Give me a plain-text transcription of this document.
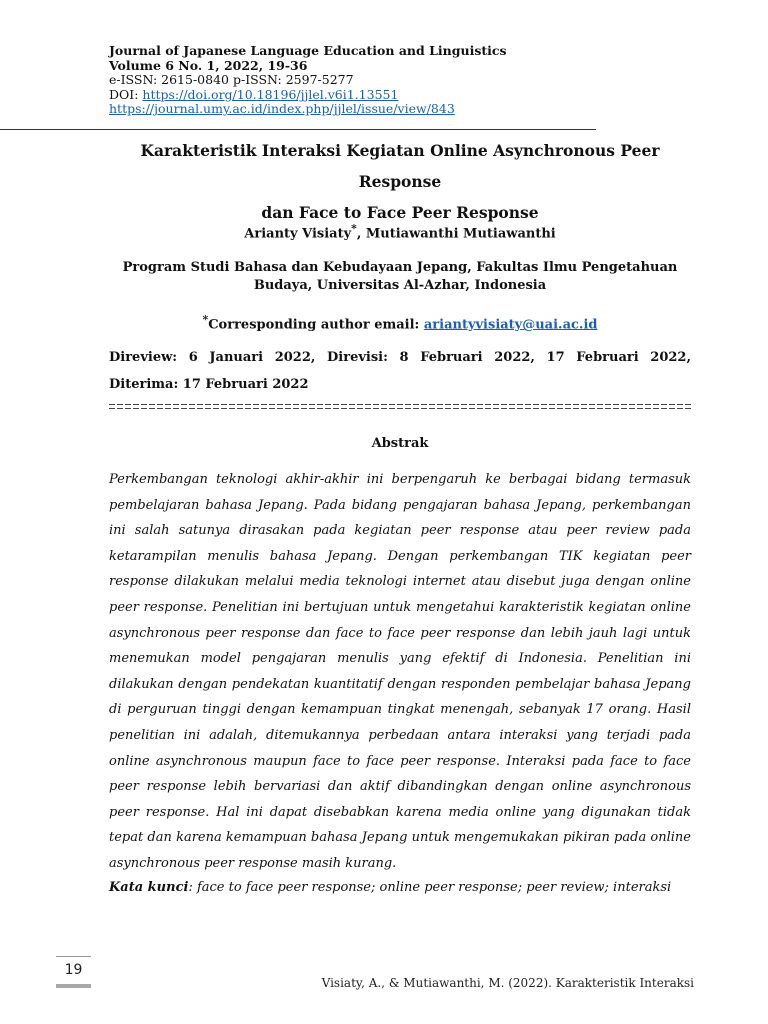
Journal of Japanese Language Education and Linguistics
Volume 6 No. 1, 2022, 19-36
e-ISSN: 2615-0840 p-ISSN: 2597-5277
DOI: https://doi.org/10.18196/jjlel.v6i1.13551
https://journal.umy.ac.id/index.php/jjlel/issue/view/843
Karakteristik Interaksi Kegiatan Online Asynchronous Peer Response
dan Face to Face Peer Response
Arianty Visiaty*, Mutiawanthi Mutiawanthi
Program Studi Bahasa dan Kebudayaan Jepang, Fakultas Ilmu Pengetahuan
Budaya, Universitas Al-Azhar, Indonesia
*Corresponding author email: ariantyvisiaty@uai.ac.id
Direview: 6 Januari 2022, Direvisi: 8 Februari 2022, 17 Februari 2022, Diterima: 17 Februari 2022
Abstrak
Perkembangan teknologi akhir-akhir ini berpengaruh ke berbagai bidang termasuk pembelajaran bahasa Jepang. Pada bidang pengajaran bahasa Jepang, perkembangan ini salah satunya dirasakan pada kegiatan peer response atau peer review pada ketarampilan menulis bahasa Jepang. Dengan perkembangan TIK kegiatan peer response dilakukan melalui media teknologi internet atau disebut juga dengan online peer response. Penelitian ini bertujuan untuk mengetahui karakteristik kegiatan online asynchronous peer response dan face to face peer response dan lebih jauh lagi untuk menemukan model pengajaran menulis yang efektif di Indonesia. Penelitian ini dilakukan dengan pendekatan kuantitatif dengan responden pembelajar bahasa Jepang di perguruan tinggi dengan kemampuan tingkat menengah, sebanyak 17 orang. Hasil penelitian ini adalah, ditemukannya perbedaan antara interaksi yang terjadi pada online asynchronous maupun face to face peer response. Interaksi pada face to face peer response lebih bervariasi dan aktif dibandingkan dengan online asynchronous peer response. Hal ini dapat disebabkan karena media online yang digunakan tidak tepat dan karena kemampuan bahasa Jepang untuk mengemukakan pikiran pada online asynchronous peer response masih kurang.
Kata kunci: face to face peer response; online peer response; peer review; interaksi
19
Visiaty, A., & Mutiawanthi, M. (2022). Karakteristik Interaksi
